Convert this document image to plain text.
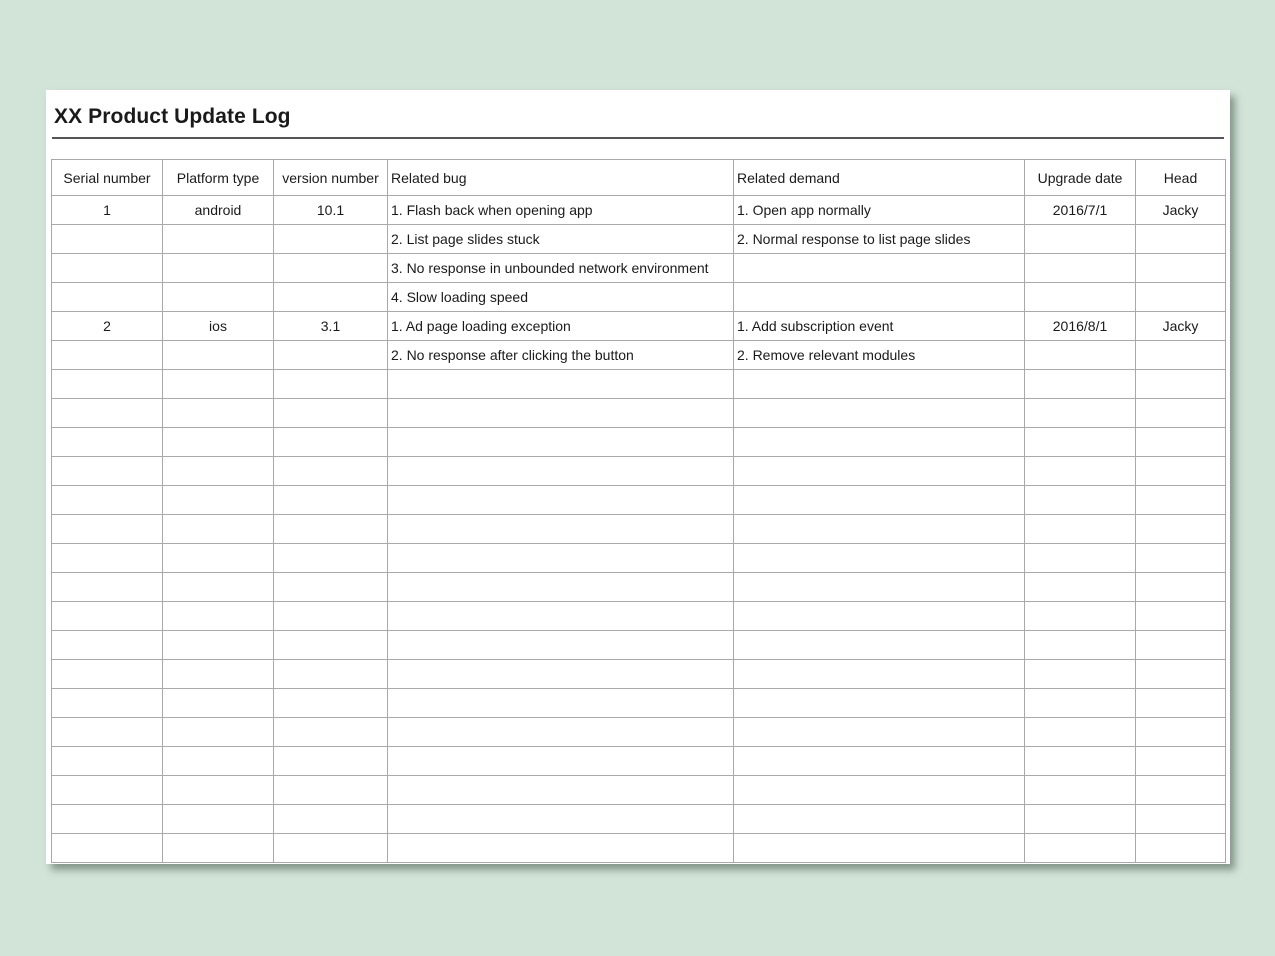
XX Product Update Log
Serial number	Platform type	version number	Related bug	Related demand	Upgrade date	Head
1	android	10.1	1. Flash back when opening app	1. Open app normally	2016/7/1	Jacky
			2. List page slides stuck	2. Normal response to list page slides		
			3. No response in unbounded network environment			
			4. Slow loading speed			
2	ios	3.1	1. Ad page loading exception	1. Add subscription event	2016/8/1	Jacky
			2. No response after clicking the button	2. Remove relevant modules		
